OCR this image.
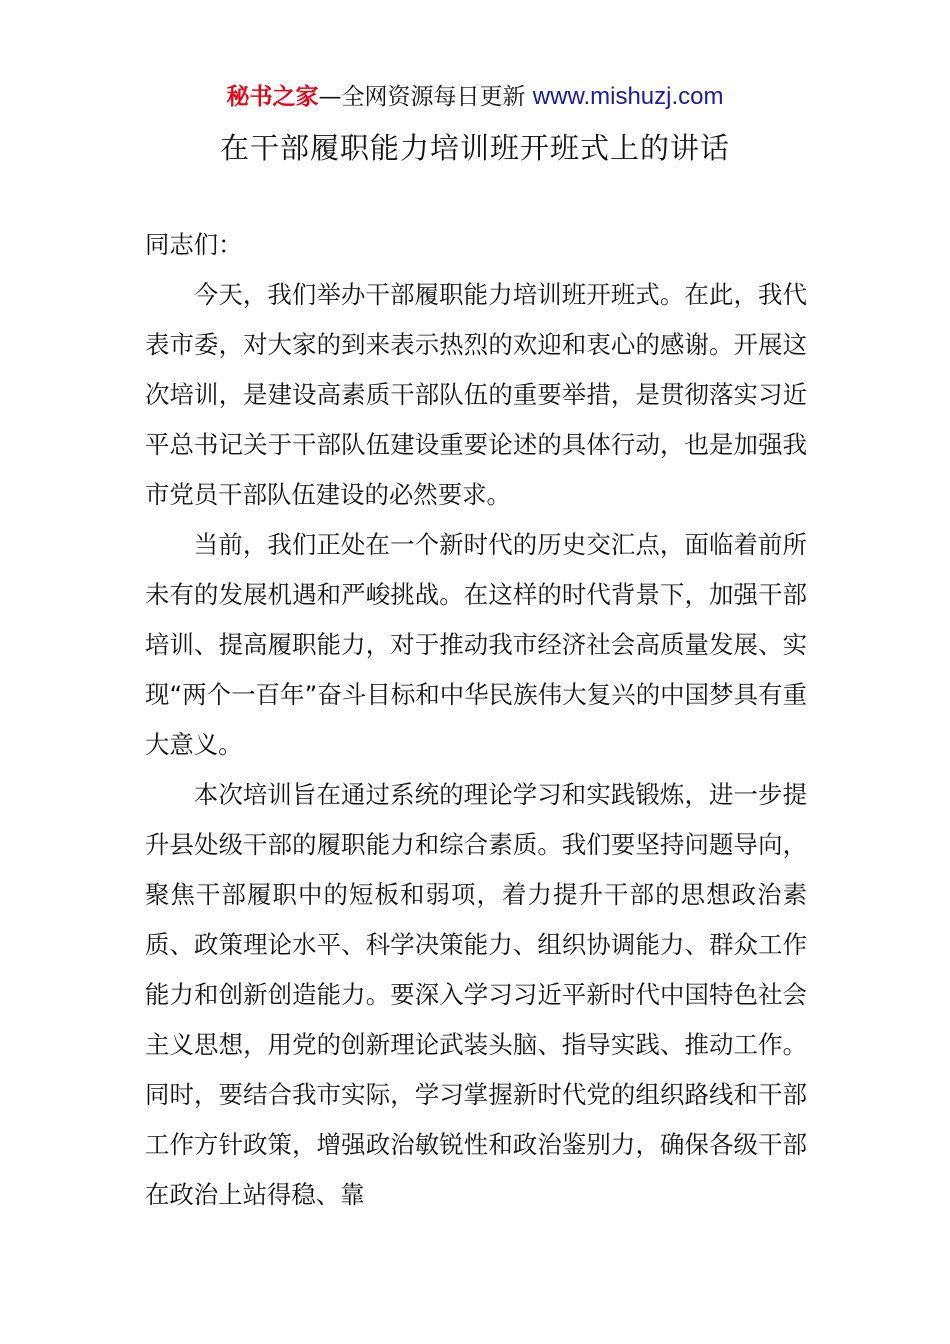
秘书之家—全网资源每日更新 www.mishuzj.com
在干部履职能力培训班开班式上的讲话

同志们：

今天，我们举办干部履职能力培训班开班式。在此，我代表市委，对大家的到来表示热烈的欢迎和衷心的感谢。开展这次培训，是建设高素质干部队伍的重要举措，是贯彻落实习近平总书记关于干部队伍建设重要论述的具体行动，也是加强我市党员干部队伍建设的必然要求。

当前，我们正处在一个新时代的历史交汇点，面临着前所未有的发展机遇和严峻挑战。在这样的时代背景下，加强干部培训、提高履职能力，对于推动我市经济社会高质量发展、实现“两个一百年”奋斗目标和中华民族伟大复兴的中国梦具有重大意义。

本次培训旨在通过系统的理论学习和实践锻炼，进一步提升县处级干部的履职能力和综合素质。我们要坚持问题导向，聚焦干部履职中的短板和弱项，着力提升干部的思想政治素质、政策理论水平、科学决策能力、组织协调能力、群众工作能力和创新创造能力。要深入学习习近平新时代中国特色社会主义思想，用党的创新理论武装头脑、指导实践、推动工作。同时，要结合我市实际，学习掌握新时代党的组织路线和干部工作方针政策，增强政治敏锐性和政治鉴别力，确保各级干部在政治上站得稳、靠
